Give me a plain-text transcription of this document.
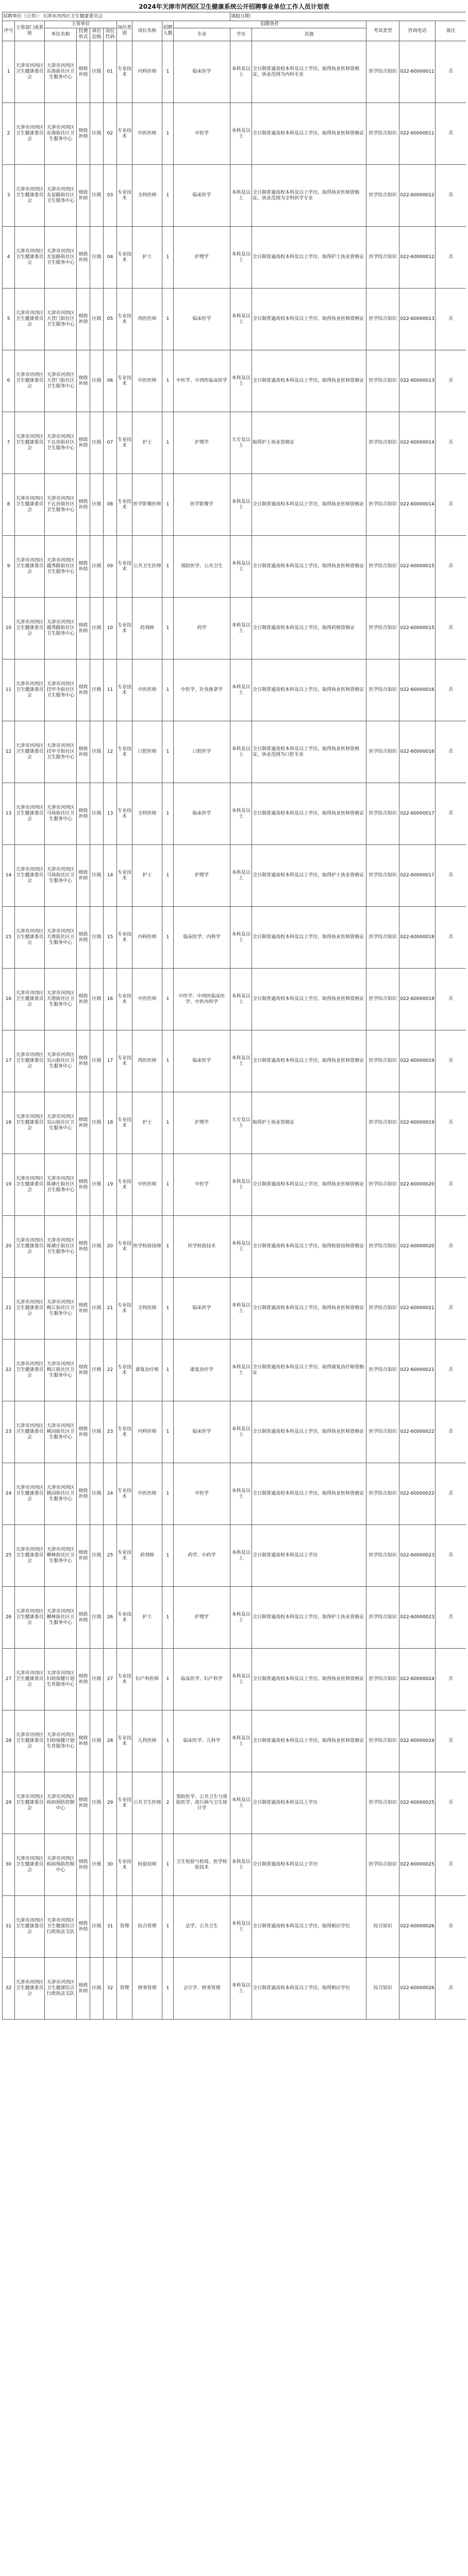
2024年天津市河西区卫生健康系统公开招聘事业单位工作人员计划表
招聘单位（公章）：天津市河西区卫生健康委员会										填报日期：				
序号	主管部门或系统	主管单位				岗位类别	岗位名称	招聘人数	招聘条件			考试类型	咨询电话	备注
		单位名称	经费形式	单位层级	岗位代码				专业	学历	其他			
1	天津市河西区卫生健康委员会	天津市河西区东海街社区卫生服务中心	财政补助	区级	01	专业技术	内科医师	1	临床医学	本科及以上	全日制普通高校本科及以上学历，取得执业医师资格证，执业范围为内科专业	医学综合知识	022-60000011	否
2	天津市河西区卫生健康委员会	天津市河西区东海街社区卫生服务中心	财政补助	区级	02	专业技术	中医医师	1	中医学	本科及以上	全日制普通高校本科及以上学历，取得执业医师资格证	医学综合知识	022-60000011	否
3	天津市河西区卫生健康委员会	天津市河西区友谊路街社区卫生服务中心	财政补助	区级	03	专业技术	全科医师	1	临床医学	本科及以上	全日制普通高校本科及以上学历，取得执业医师资格证，执业范围为全科医学专业	医学综合知识	022-60000012	否
4	天津市河西区卫生健康委员会	天津市河西区友谊路街社区卫生服务中心	财政补助	区级	04	专业技术	护士	1	护理学	本科及以上	全日制普通高校本科及以上学历，取得护士执业资格证	医学综合知识	022-60000012	否
5	天津市河西区卫生健康委员会	天津市河西区大营门街社区卫生服务中心	财政补助	区级	05	专业技术	西医医师	1	临床医学	本科及以上	全日制普通高校本科及以上学历，取得执业医师资格证	医学综合知识	022-60000013	否
6	天津市河西区卫生健康委员会	天津市河西区大营门街社区卫生服务中心	财政补助	区级	06	专业技术	中医医师	1	中医学、中西医临床医学	本科及以上	全日制普通高校本科及以上学历，取得执业医师资格证	医学综合知识	022-60000013	否
7	天津市河西区卫生健康委员会	天津市河西区下瓦房街社区卫生服务中心	财政补助	区级	07	专业技术	护士	1	护理学	大专及以上	取得护士执业资格证	医学综合知识	022-60000014	否
8	天津市河西区卫生健康委员会	天津市河西区下瓦房街社区卫生服务中心	财政补助	区级	08	专业技术	医学影像医师	1	医学影像学	本科及以上	全日制普通高校本科及以上学历，取得执业医师资格证	医学综合知识	022-60000014	否
9	天津市河西区卫生健康委员会	天津市河西区越秀路街社区卫生服务中心	财政补助	区级	09	专业技术	公共卫生医师	1	预防医学、公共卫生	本科及以上	全日制普通高校本科及以上学历，取得执业医师资格证	医学综合知识	022-60000015	否
10	天津市河西区卫生健康委员会	天津市河西区越秀路街社区卫生服务中心	财政补助	区级	10	专业技术	药剂师	1	药学	本科及以上	全日制普通高校本科及以上学历，取得药师资格证	医学综合知识	022-60000015	否
11	天津市河西区卫生健康委员会	天津市河西区挂甲寺街社区卫生服务中心	财政补助	区级	11	专业技术	中医医师	1	中医学、针灸推拿学	本科及以上	全日制普通高校本科及以上学历，取得执业医师资格证	医学综合知识	022-60000016	否
12	天津市河西区卫生健康委员会	天津市河西区挂甲寺街社区卫生服务中心	财政补助	区级	12	专业技术	口腔医师	1	口腔医学	本科及以上	全日制普通高校本科及以上学历，取得执业医师资格证，执业范围为口腔专业	医学综合知识	022-60000016	否
13	天津市河西区卫生健康委员会	天津市河西区马场街社区卫生服务中心	财政补助	区级	13	专业技术	全科医师	1	临床医学	本科及以上	全日制普通高校本科及以上学历，取得执业医师资格证	医学综合知识	022-60000017	否
14	天津市河西区卫生健康委员会	天津市河西区马场街社区卫生服务中心	财政补助	区级	14	专业技术	护士	1	护理学	本科及以上	全日制普通高校本科及以上学历，取得护士执业资格证	医学综合知识	022-60000017	否
15	天津市河西区卫生健康委员会	天津市河西区天塔街社区卫生服务中心	财政补助	区级	15	专业技术	内科医师	1	临床医学、内科学	本科及以上	全日制普通高校本科及以上学历，取得执业医师资格证	医学综合知识	022-60000018	否
16	天津市河西区卫生健康委员会	天津市河西区天塔街社区卫生服务中心	财政补助	区级	16	专业技术	中医医师	1	中医学、中西医临床医学、中医内科学	本科及以上	全日制普通高校本科及以上学历，取得执业医师资格证	医学综合知识	022-60000018	否
17	天津市河西区卫生健康委员会	天津市河西区尖山街社区卫生服务中心	财政补助	区级	17	专业技术	西医医师	1	临床医学	本科及以上	全日制普通高校本科及以上学历，取得执业医师资格证	医学综合知识	022-60000019	否
18	天津市河西区卫生健康委员会	天津市河西区尖山街社区卫生服务中心	财政补助	区级	18	专业技术	护士	1	护理学	大专及以上	取得护士执业资格证	医学综合知识	022-60000019	否
19	天津市河西区卫生健康委员会	天津市河西区陈塘庄街社区卫生服务中心	财政补助	区级	19	专业技术	中医医师	1	中医学	本科及以上	全日制普通高校本科及以上学历，取得执业医师资格证	医学综合知识	022-60000020	否
20	天津市河西区卫生健康委员会	天津市河西区陈塘庄街社区卫生服务中心	财政补助	区级	20	专业技术	医学检验技师	1	医学检验技术	本科及以上	全日制普通高校本科及以上学历，取得检验技师资格证	医学综合知识	022-60000020	否
21	天津市河西区卫生健康委员会	天津市河西区梅江街社区卫生服务中心	财政补助	区级	21	专业技术	全科医师	1	临床医学	本科及以上	全日制普通高校本科及以上学历，取得执业医师资格证	医学综合知识	022-60000021	否
22	天津市河西区卫生健康委员会	天津市河西区梅江街社区卫生服务中心	财政补助	区级	22	专业技术	康复治疗师	1	康复治疗学	本科及以上	全日制普通高校本科及以上学历，取得康复治疗师资格证	医学综合知识	022-60000021	否
23	天津市河西区卫生健康委员会	天津市河西区桃园街社区卫生服务中心	财政补助	区级	23	专业技术	内科医师	1	临床医学	本科及以上	全日制普通高校本科及以上学历，取得执业医师资格证	医学综合知识	022-60000022	否
24	天津市河西区卫生健康委员会	天津市河西区桃园街社区卫生服务中心	财政补助	区级	24	专业技术	中医医师	1	中医学	本科及以上	全日制普通高校本科及以上学历，取得执业医师资格证	医学综合知识	022-60000022	否
25	天津市河西区卫生健康委员会	天津市河西区柳林街社区卫生服务中心	财政补助	区级	25	专业技术	药剂师	1	药学、中药学	本科及以上	全日制普通高校本科及以上学历	医学综合知识	022-60000023	否
26	天津市河西区卫生健康委员会	天津市河西区柳林街社区卫生服务中心	财政补助	区级	26	专业技术	护士	1	护理学	本科及以上	全日制普通高校本科及以上学历，取得护士执业资格证	医学综合知识	022-60000023	否
27	天津市河西区卫生健康委员会	天津市河西区妇幼保健计划生育服务中心	财政补助	区级	27	专业技术	妇产科医师	1	临床医学、妇产科学	本科及以上	全日制普通高校本科及以上学历，取得执业医师资格证	医学综合知识	022-60000024	否
28	天津市河西区卫生健康委员会	天津市河西区妇幼保健计划生育服务中心	财政补助	区级	28	专业技术	儿科医师	1	临床医学、儿科学	本科及以上	全日制普通高校本科及以上学历，取得执业医师资格证	医学综合知识	022-60000024	否
29	天津市河西区卫生健康委员会	天津市河西区疾病预防控制中心	财政补助	区级	29	专业技术	公共卫生医师	2	预防医学、公共卫生与预防医学、流行病与卫生统计学	本科及以上	全日制普通高校本科及以上学历	医学综合知识	022-60000025	否
30	天津市河西区卫生健康委员会	天津市河西区疾病预防控制中心	财政补助	区级	30	专业技术	检验技师	1	卫生检验与检疫、医学检验技术	本科及以上	全日制普通高校本科及以上学历	医学综合知识	022-60000025	否
31	天津市河西区卫生健康委员会	天津市河西区卫生健康综合行政执法支队	财政补助	区级	31	管理	综合管理	1	法学、公共卫生	本科及以上	全日制普通高校本科及以上学历，取得相应学位	综合知识	022-60000026	否
32	天津市河西区卫生健康委员会	天津市河西区卫生健康综合行政执法支队	财政补助	区级	32	管理	财务管理	1	会计学、财务管理	本科及以上	全日制普通高校本科及以上学历，取得相应学位	综合知识	022-60000026	否
